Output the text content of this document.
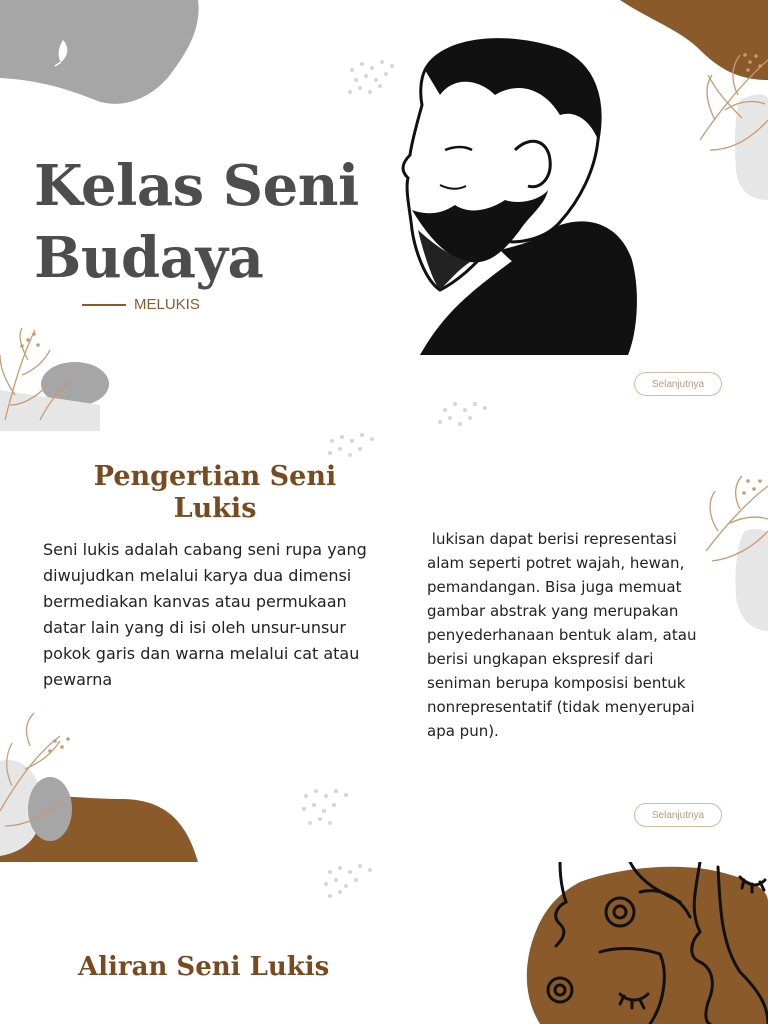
Kelas Seni
Budaya
MELUKIS
Selanjutnya
Pengertian Seni
Lukis

Seni lukis adalah cabang seni rupa yang diwujudkan melalui karya dua dimensi bermediakan kanvas atau permukaan datar lain yang di isi oleh unsur-unsur pokok garis dan warna melalui cat atau pewarna

lukisan dapat berisi representasi alam seperti potret wajah, hewan, pemandangan. Bisa juga memuat gambar abstrak yang merupakan penyederhanaan bentuk alam, atau berisi ungkapan ekspresif dari seniman berupa komposisi bentuk nonrepresentatif (tidak menyerupai apa pun).

Selanjutnya
Aliran Seni Lukis
